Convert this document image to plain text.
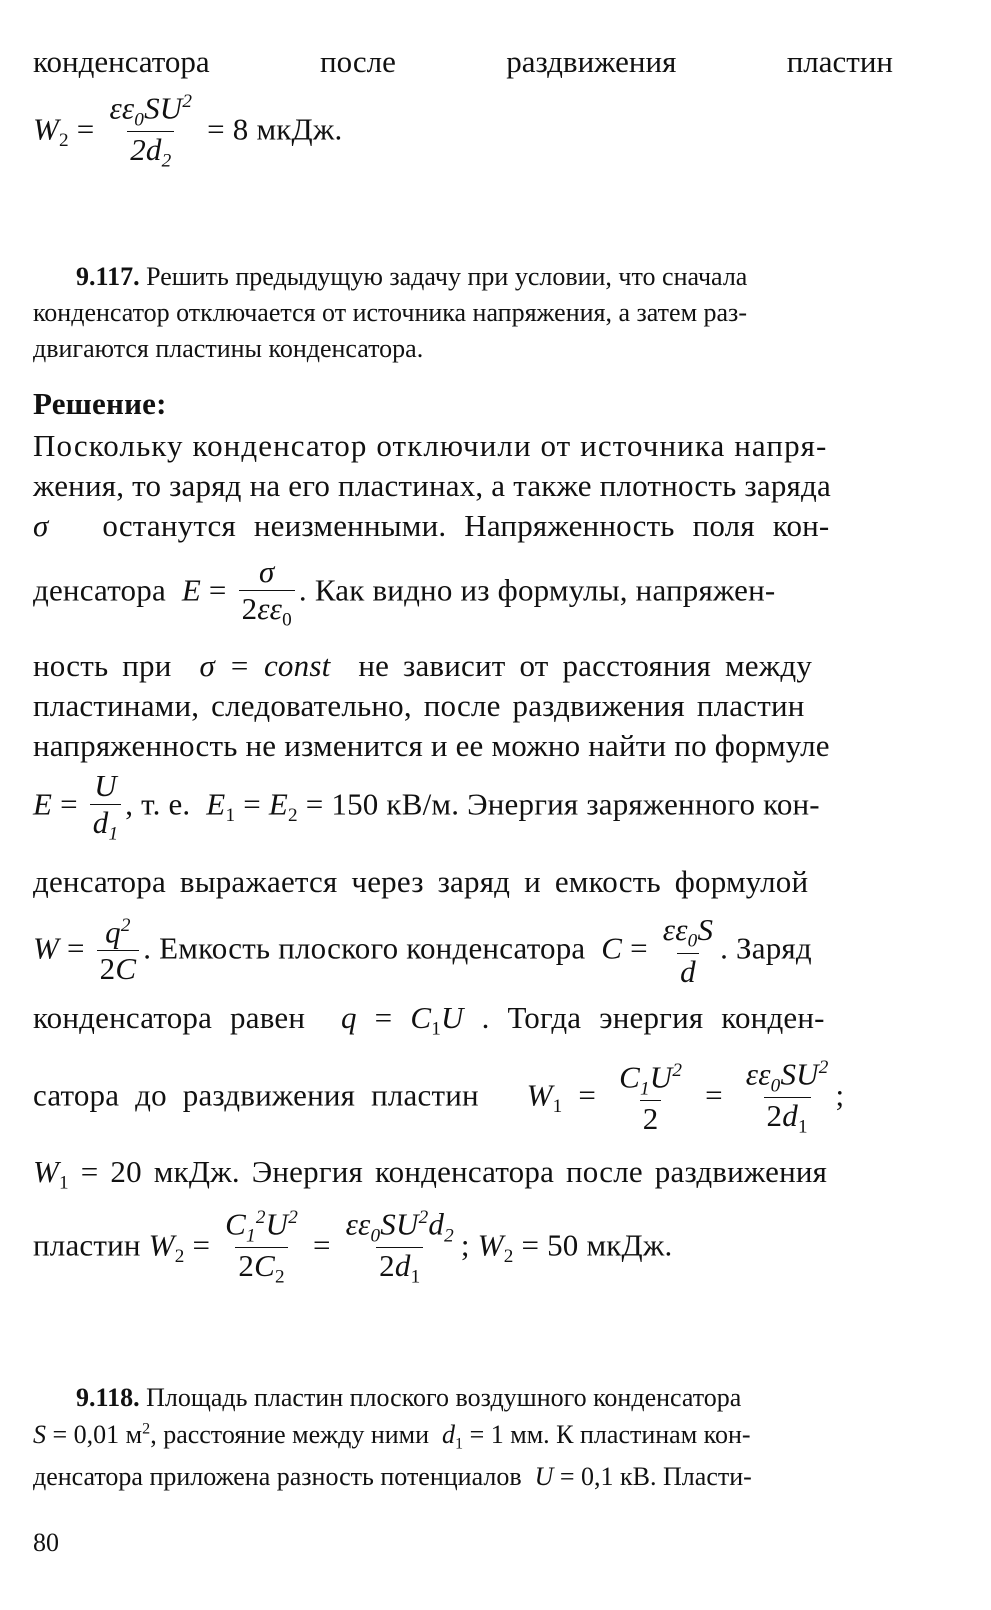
конденсатора	после	раздвижения	пластин
$W_2 = \frac{\varepsilon\varepsilon_0SU^2}{2d_2} = 8$ мкДж.
9.117. Решить предыдущую задачу при условии, что сначала
конденсатор отключается от источника напряжения, а затем раз-
двигаются пластины конденсатора.
Решение:
Поскольку конденсатор отключили от источника напря-
жения, то заряд на его пластинах, а также плотность заряда
σ останутся неизменными. Напряженность поля кон-
денсатора $E = \frac{\sigma}{2\varepsilon\varepsilon_0}$ . Как видно из формулы, напряжен-
ность при σ = const не зависит от расстояния между
пластинами, следовательно, после раздвижения пластин
напряженность не изменится и ее можно найти по формуле
$E = \frac{U}{d_1}$ , т. е. $E_1 = E_2 = 150$ кВ/м. Энергия заряженного кон-
денсатора выражается через заряд и емкость формулой
$W = \frac{q^2}{2C}$ . Емкость плоского конденсатора $C = \frac{\varepsilon\varepsilon_0S}{d}$ . Заряд
конденсатора равен $q = C_1U$ . Тогда энергия конден-
сатора до раздвижения пластин $W_1 = \frac{C_1U^2}{2} = \frac{\varepsilon\varepsilon_0SU^2}{2d_1}$ ;
$W_1 = 20$ мкДж. Энергия конденсатора после раздвижения
пластин $W_2 = \frac{C_1^2U^2}{2C_2} = \frac{\varepsilon\varepsilon_0SU^2d_2}{2d_1}$ ; $W_2 = 50$ мкДж.
9.118. Площадь пластин плоского воздушного конденсатора
S = 0,01 $м^2$, расстояние между ними $d_1 = 1$ мм. К пластинам кон-
денсатора приложена разность потенциалов U = 0,1 кВ. Пласти-
80
